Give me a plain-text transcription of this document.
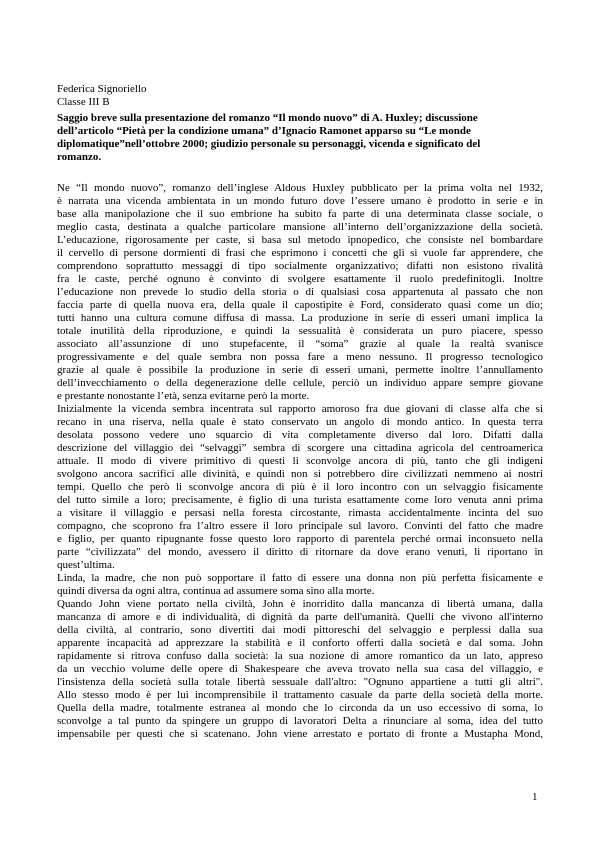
Federica Signoriello
Classe III B
Saggio breve sulla presentazione del romanzo “Il mondo nuovo” di A. Huxley; discussione
dell’articolo “Pietà per la condizione umana” d’Ignacio Ramonet apparso su “Le monde
diplomatique”nell’ottobre 2000; giudizio personale su personaggi, vicenda e significato del
romanzo.
Ne “Il mondo nuovo”, romanzo dell’inglese Aldous Huxley pubblicato per la prima volta nel 1932,
è narrata una vicenda ambientata in un mondo futuro dove l’essere umano è prodotto in serie e in
base alla manipolazione che il suo embrione ha subito fa parte di una determinata classe sociale, o
meglio casta, destinata a qualche particolare mansione all’interno dell’organizzazione della società.
L’educazione, rigorosamente per caste, si basa sul metodo ipnopedico, che consiste nel bombardare
il cervello di persone dormienti di frasi che esprimono i concetti che gli si vuole far apprendere, che
comprendono soprattutto messaggi di tipo socialmente organizzativo; difatti non esistono rivalità
fra le caste, perché ognuno è convinto di svolgere esattamente il ruolo predefinitogli. Inoltre
l’educazione non prevede lo studio della storia o di qualsiasi cosa appartenuta al passato che non
faccia parte di quella nuova era, della quale il capostipite è Ford, considerato quasi come un dio;
tutti hanno una cultura comune diffusa di massa. La produzione in serie di esseri umani implica la
totale inutilità della riproduzione, e quindi la sessualità è considerata un puro piacere, spesso
associato all’assunzione di uno stupefacente, il “soma” grazie al quale la realtà svanisce
progressivamente e del quale sembra non possa fare a meno nessuno. Il progresso tecnologico
grazie al quale è possibile la produzione in serie di esseri umani, permette inoltre l’annullamento
dell’invecchiamento o della degenerazione delle cellule, perciò un individuo appare sempre giovane
e prestante nonostante l’età, senza evitarne però la morte.
Inizialmente la vicenda sembra incentrata sul rapporto amoroso fra due giovani di classe alfa che si
recano in una riserva, nella quale è stato conservato un angolo di mondo antico. In questa terra
desolata possono vedere uno squarcio di vita completamente diverso dal loro. Difatti dalla
descrizione del villaggio dei “selvaggi” sembra di scorgere una cittadina agricola del centroamerica
attuale. Il modo di vivere primitivo di questi li sconvolge ancora di più, tanto che gli indigeni
svolgono ancora sacrifici alle divinità, e quindi non si potrebbero dire civilizzati nemmeno ai nostri
tempi. Quello che però li sconvolge ancora di più è il loro incontro con un selvaggio fisicamente
del tutto simile a loro; precisamente, è figlio di una turista esattamente come loro venuta anni prima
a visitare il villaggio e persasi nella foresta circostante, rimasta accidentalmente incinta del suo
compagno, che scoprono fra l’altro essere il loro principale sul lavoro. Convinti del fatto che madre
e figlio, per quanto ripugnante fosse questo loro rapporto di parentela perché ormai inconsueto nella
parte “civilizzata” del mondo, avessero il diritto di ritornare da dove erano venuti, li riportano in
quest’ultima.
Linda, la madre, che non può sopportare il fatto di essere una donna non più perfetta fisicamente e
quindi diversa da ogni altra, continua ad assumere soma sino alla morte.
Quando John viene portato nella civiltà, John è inorridito dalla mancanza di libertà umana, dalla
mancanza di amore e di individualità, di dignità da parte dell'umanità. Quelli che vivono all'interno
della civiltà, al contrario, sono divertiti dai modi pittoreschi del selvaggio e perplessi dalla sua
apparente incapacità ad apprezzare la stabilità e il conforto offerti dalla società e dal soma. John
rapidamente si ritrova confuso dalla società: la sua nozione di amore romantico da un lato, appreso
da un vecchio volume delle opere di Shakespeare che aveva trovato nella sua casa del villaggio, e
l'insistenza della società sulla totale libertà sessuale dall'altro: "Ognuno appartiene a tutti gli altri".
Allo stesso modo è per lui incomprensibile il trattamento casuale da parte della società della morte.
Quella della madre, totalmente estranea al mondo che lo circonda da un uso eccessivo di soma, lo
sconvolge a tal punto da spingere un gruppo di lavoratori Delta a rinunciare al soma, idea del tutto
impensabile per questi che si scatenano. John viene arrestato e portato di fronte a Mustapha Mond,
1
